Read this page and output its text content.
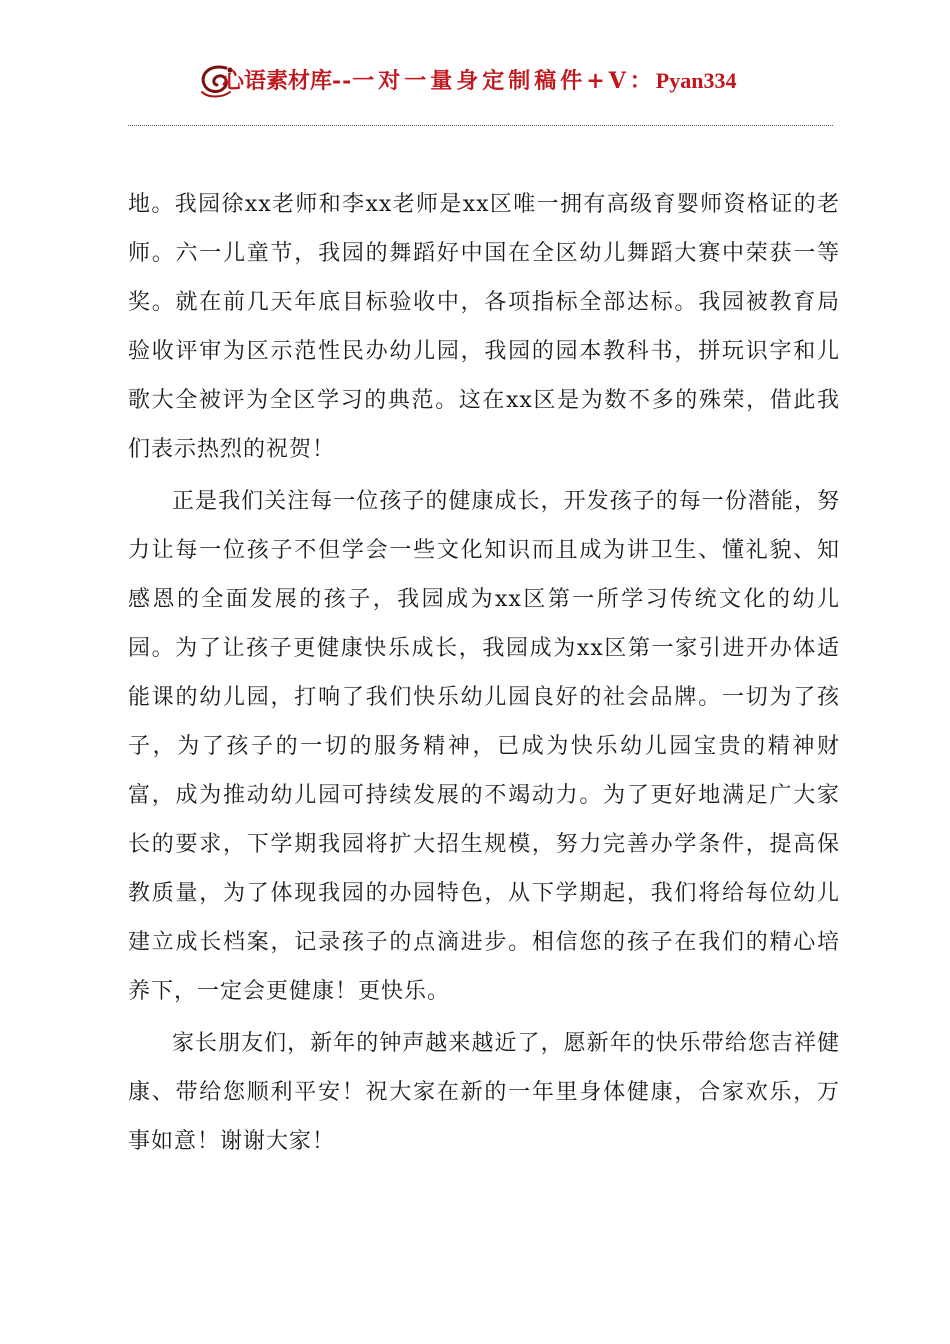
心语素材库--一对一量身定制稿件+V：Pyan334

地。我园徐xx老师和李xx老师是xx区唯一拥有高级育婴师资格证的老师。六一儿童节，我园的舞蹈好中国在全区幼儿舞蹈大赛中荣获一等奖。就在前几天年底目标验收中，各项指标全部达标。我园被教育局验收评审为区示范性民办幼儿园，我园的园本教科书，拼玩识字和儿歌大全被评为全区学习的典范。这在xx区是为数不多的殊荣，借此我们表示热烈的祝贺！

正是我们关注每一位孩子的健康成长，开发孩子的每一份潜能，努力让每一位孩子不但学会一些文化知识而且成为讲卫生、懂礼貌、知感恩的全面发展的孩子，我园成为xx区第一所学习传统文化的幼儿园。为了让孩子更健康快乐成长，我园成为xx区第一家引进开办体适能课的幼儿园，打响了我们快乐幼儿园良好的社会品牌。一切为了孩子，为了孩子的一切的服务精神，已成为快乐幼儿园宝贵的精神财富，成为推动幼儿园可持续发展的不竭动力。为了更好地满足广大家长的要求，下学期我园将扩大招生规模，努力完善办学条件，提高保教质量，为了体现我园的办园特色，从下学期起，我们将给每位幼儿建立成长档案，记录孩子的点滴进步。相信您的孩子在我们的精心培养下，一定会更健康！更快乐。

家长朋友们，新年的钟声越来越近了，愿新年的快乐带给您吉祥健康、带给您顺利平安！祝大家在新的一年里身体健康，合家欢乐，万事如意！谢谢大家！
